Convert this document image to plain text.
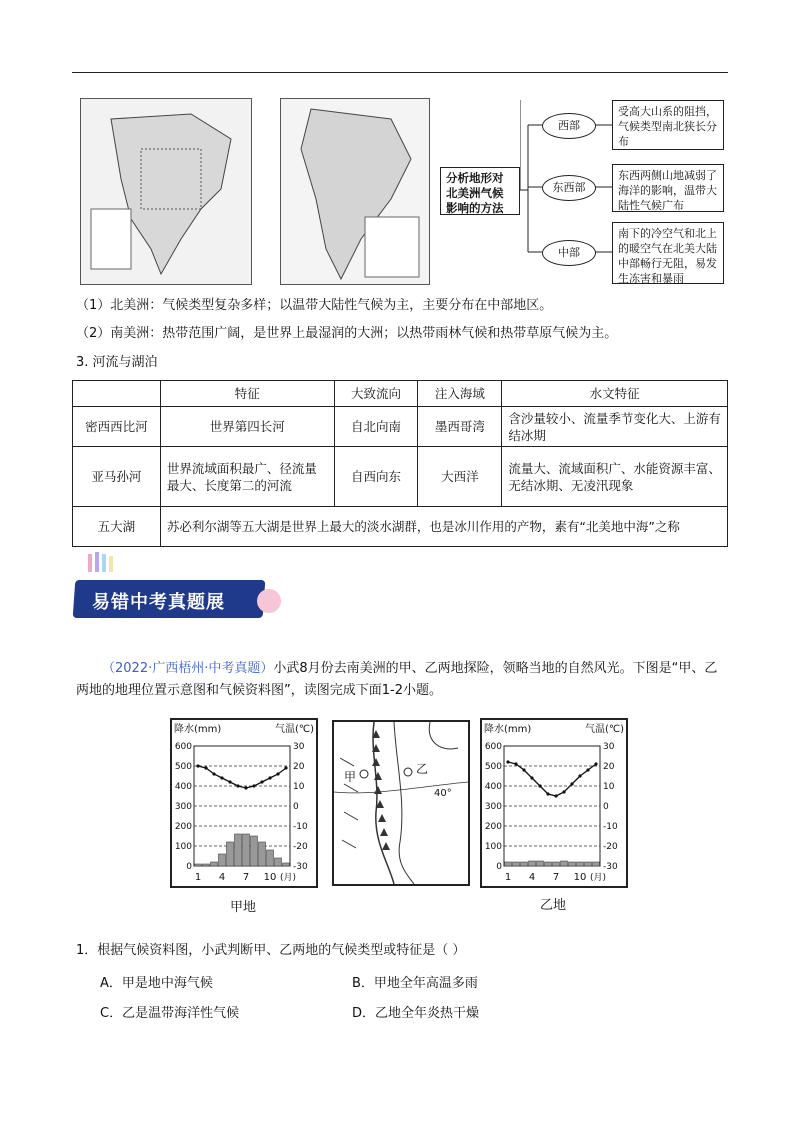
分析地形对北美洲气候影响的方法
西部
东西部
中部
受高大山系的阻挡，气候类型南北狭长分布
东西两侧山地减弱了海洋的影响，温带大陆性气候广布
南下的冷空气和北上的暖空气在北美大陆中部畅行无阻，易发生冻害和暴雨
（1）北美洲：气候类型复杂多样；以温带大陆性气候为主，主要分布在中部地区。
（2）南美洲：热带范围广阔，是世界上最湿润的大洲；以热带雨林气候和热带草原气候为主。
3. 河流与湖泊
	特征	大致流向	注入海域	水文特征
密西西比河	世界第四长河	自北向南	墨西哥湾	含沙量较小、流量季节变化大、上游有结冰期
亚马孙河	世界流域面积最广、径流量最大、长度第二的河流	自西向东	大西洋	流量大、流域面积广、水能资源丰富、无结冰期、无凌汛现象
五大湖	苏必利尔湖等五大湖是世界上最大的淡水湖群，也是冰川作用的产物，素有“北美地中海”之称			
易错中考真题展
（2022·广西梧州·中考真题）小武8月份去南美洲的甲、乙两地探险，领略当地的自然风光。下图是“甲、乙两地的地理位置示意图和气候资料图”，读图完成下面1-2小题。
降水(mm)	气温(℃)
600
500
400
300
200
100
0
30
20
10
0
-10
-20
-30
1 4 7 10 (月)
甲地
甲
乙
40°
降水(mm)	气温(℃)
600
500
400
300
200
100
0
30
20
10
0
-10
-20
-30
1 4 7 10 (月)
乙地
1．根据气候资料图，小武判断甲、乙两地的气候类型或特征是（ ）
A．甲是地中海气候	B．甲地全年高温多雨
C．乙是温带海洋性气候	D．乙地全年炎热干燥
